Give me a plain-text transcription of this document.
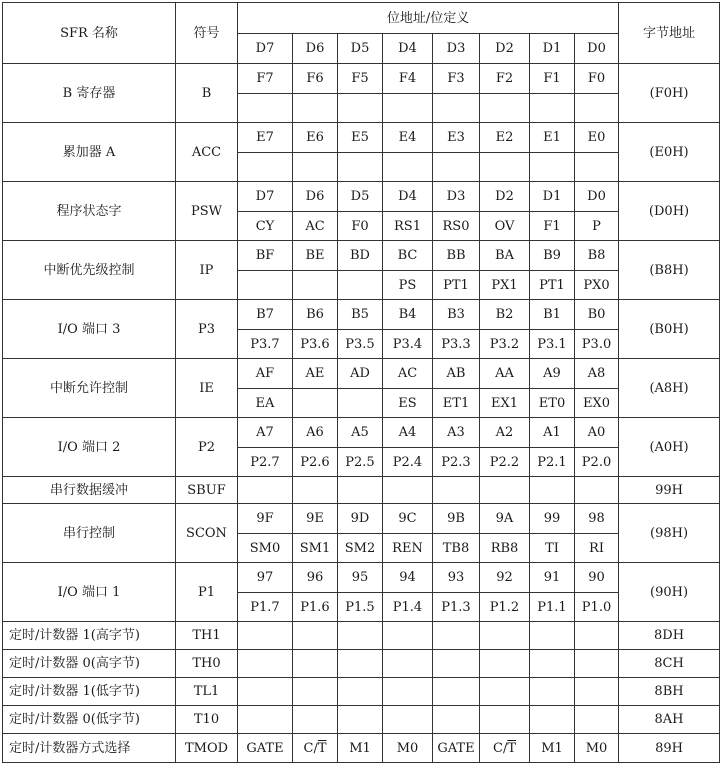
SFR 名称	符号	位地址/位定义								字节地址
		D7	D6	D5	D4	D3	D2	D1	D0	
B 寄存器	B	F7	F6	F5	F4	F3	F2	F1	F0	(F0H)

累加器 A	ACC	E7	E6	E5	E4	E3	E2	E1	E0	(E0H)

程序状态字	PSW	D7	D6	D5	D4	D3	D2	D1	D0	(D0H)
		CY	AC	F0	RS1	RS0	OV	F1	P	
中断优先级控制	IP	BF	BE	BD	BC	BB	BA	B9	B8	(B8H)
					PS	PT1	PX1	PT1	PX0	
I/O 端口 3	P3	B7	B6	B5	B4	B3	B2	B1	B0	(B0H)
		P3.7	P3.6	P3.5	P3.4	P3.3	P3.2	P3.1	P3.0	
中断允许控制	IE	AF	AE	AD	AC	AB	AA	A9	A8	(A8H)
		EA			ES	ET1	EX1	ET0	EX0	
I/O 端口 2	P2	A7	A6	A5	A4	A3	A2	A1	A0	(A0H)
		P2.7	P2.6	P2.5	P2.4	P2.3	P2.2	P2.1	P2.0	
串行数据缓冲	SBUF									99H
串行控制	SCON	9F	9E	9D	9C	9B	9A	99	98	(98H)
		SM0	SM1	SM2	REN	TB8	RB8	TI	RI	
I/O 端口 1	P1	97	96	95	94	93	92	91	90	(90H)
		P1.7	P1.6	P1.5	P1.4	P1.3	P1.2	P1.1	P1.0	
定时/计数器 1(高字节)	TH1									8DH
定时/计数器 0(高字节)	TH0									8CH
定时/计数器 1(低字节)	TL1									8BH
定时/计数器 0(低字节)	T10									8AH
定时/计数器方式选择	TMOD	GATE	$C/\overline{T}$	M1	M0	GATE	$C/\overline{T}$	M1	M0	89H
